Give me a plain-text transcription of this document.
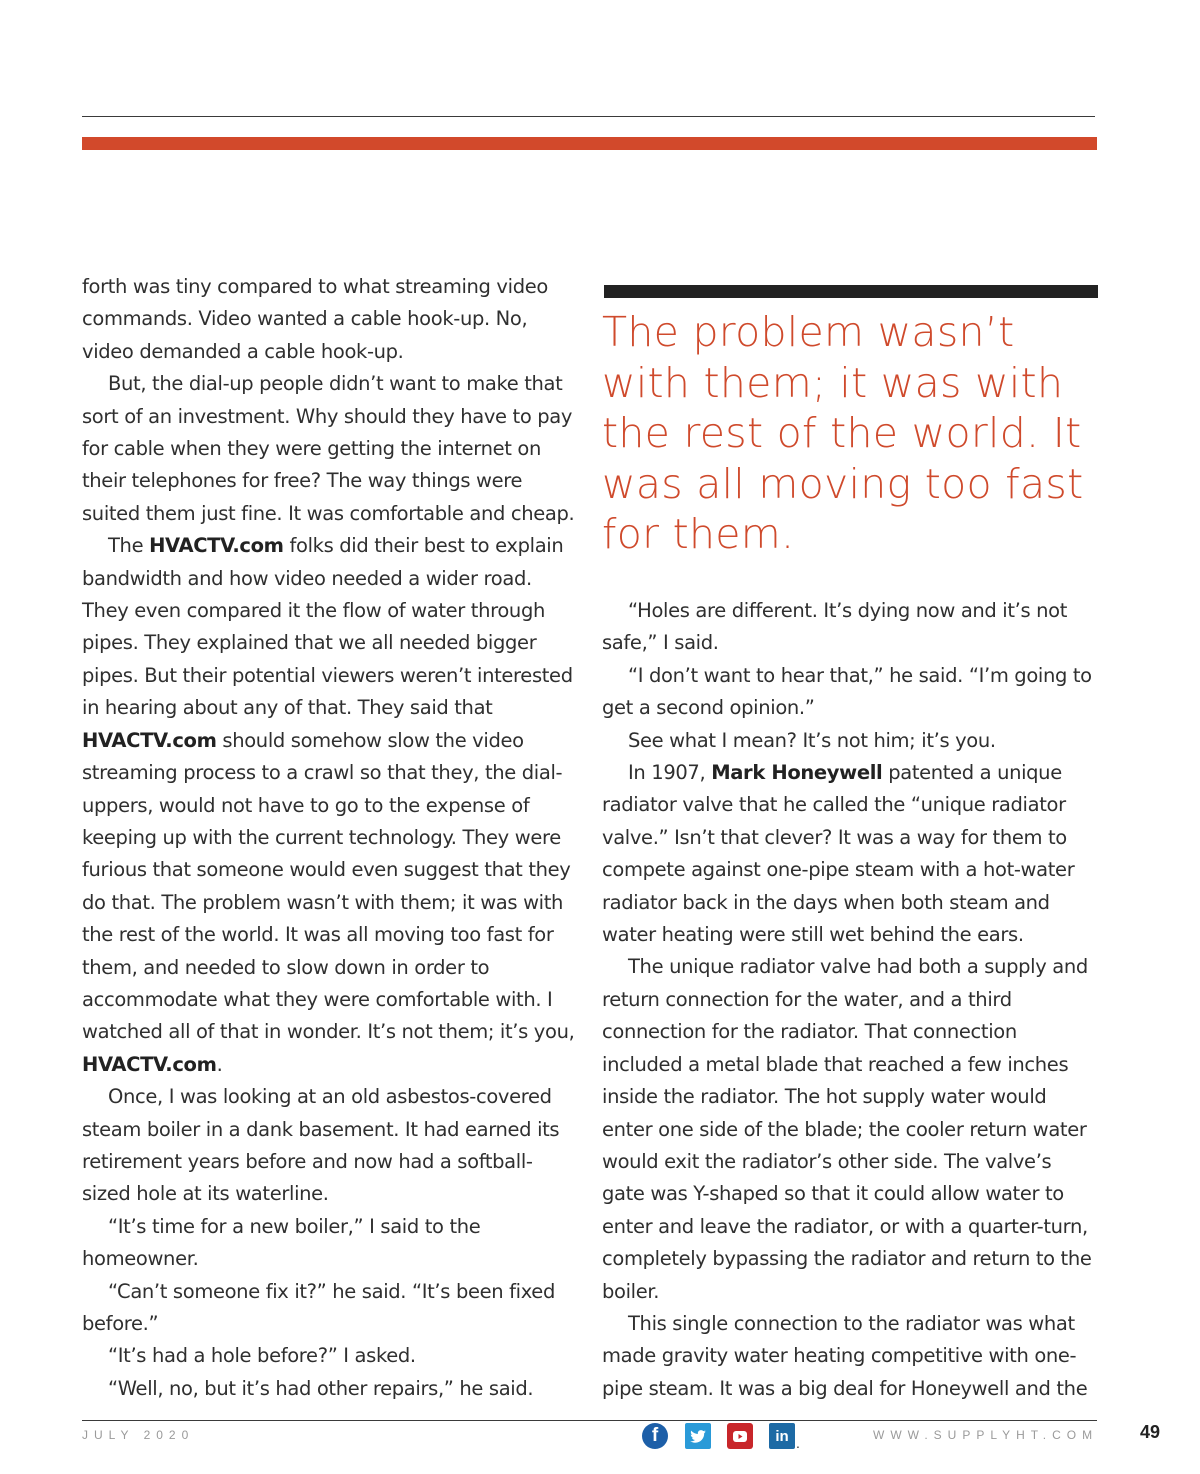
forth was tiny compared to what streaming video commands. Video wanted a cable hook-up. No, video demanded a cable hook-up.

But, the dial-up people didn’t want to make that sort of an investment. Why should they have to pay for cable when they were getting the internet on their telephones for free? The way things were suited them just fine. It was comfortable and cheap.

The HVACTV.com folks did their best to explain bandwidth and how video needed a wider road. They even compared it the flow of water through pipes. They explained that we all needed bigger pipes. But their potential viewers weren’t interested in hearing about any of that. They said that HVACTV.com should somehow slow the video streaming process to a crawl so that they, the dial-uppers, would not have to go to the expense of keeping up with the current technology. They were furious that someone would even suggest that they do that. The problem wasn’t with them; it was with the rest of the world. It was all moving too fast for them, and needed to slow down in order to accommodate what they were comfortable with. I watched all of that in wonder. It’s not them; it’s you, HVACTV.com.

Once, I was looking at an old asbestos-covered steam boiler in a dank basement. It had earned its retirement years before and now had a softball-sized hole at its waterline.

“It’s time for a new boiler,” I said to the homeowner.

“Can’t someone fix it?” he said. “It’s been fixed before.”

“It’s had a hole before?” I asked.

“Well, no, but it’s had other repairs,” he said.

The problem wasn’t with them; it was with the rest of the world. It was all moving too fast for them.

“Holes are different. It’s dying now and it’s not safe,” I said.

“I don’t want to hear that,” he said. “I’m going to get a second opinion.”

See what I mean? It’s not him; it’s you.

In 1907, Mark Honeywell patented a unique radiator valve that he called the “unique radiator valve.” Isn’t that clever? It was a way for them to compete against one-pipe steam with a hot-water radiator back in the days when both steam and water heating were still wet behind the ears.

The unique radiator valve had both a supply and return connection for the water, and a third connection for the radiator. That connection included a metal blade that reached a few inches inside the radiator. The hot supply water would enter one side of the blade; the cooler return water would exit the radiator’s other side. The valve’s gate was Y-shaped so that it could allow water to enter and leave the radiator, or with a quarter-turn, completely bypassing the radiator and return to the boiler.

This single connection to the radiator was what made gravity water heating competitive with one-pipe steam. It was a big deal for Honeywell and the

JULY 2020	f	in .	WWW.SUPPLYHT.COM 49
